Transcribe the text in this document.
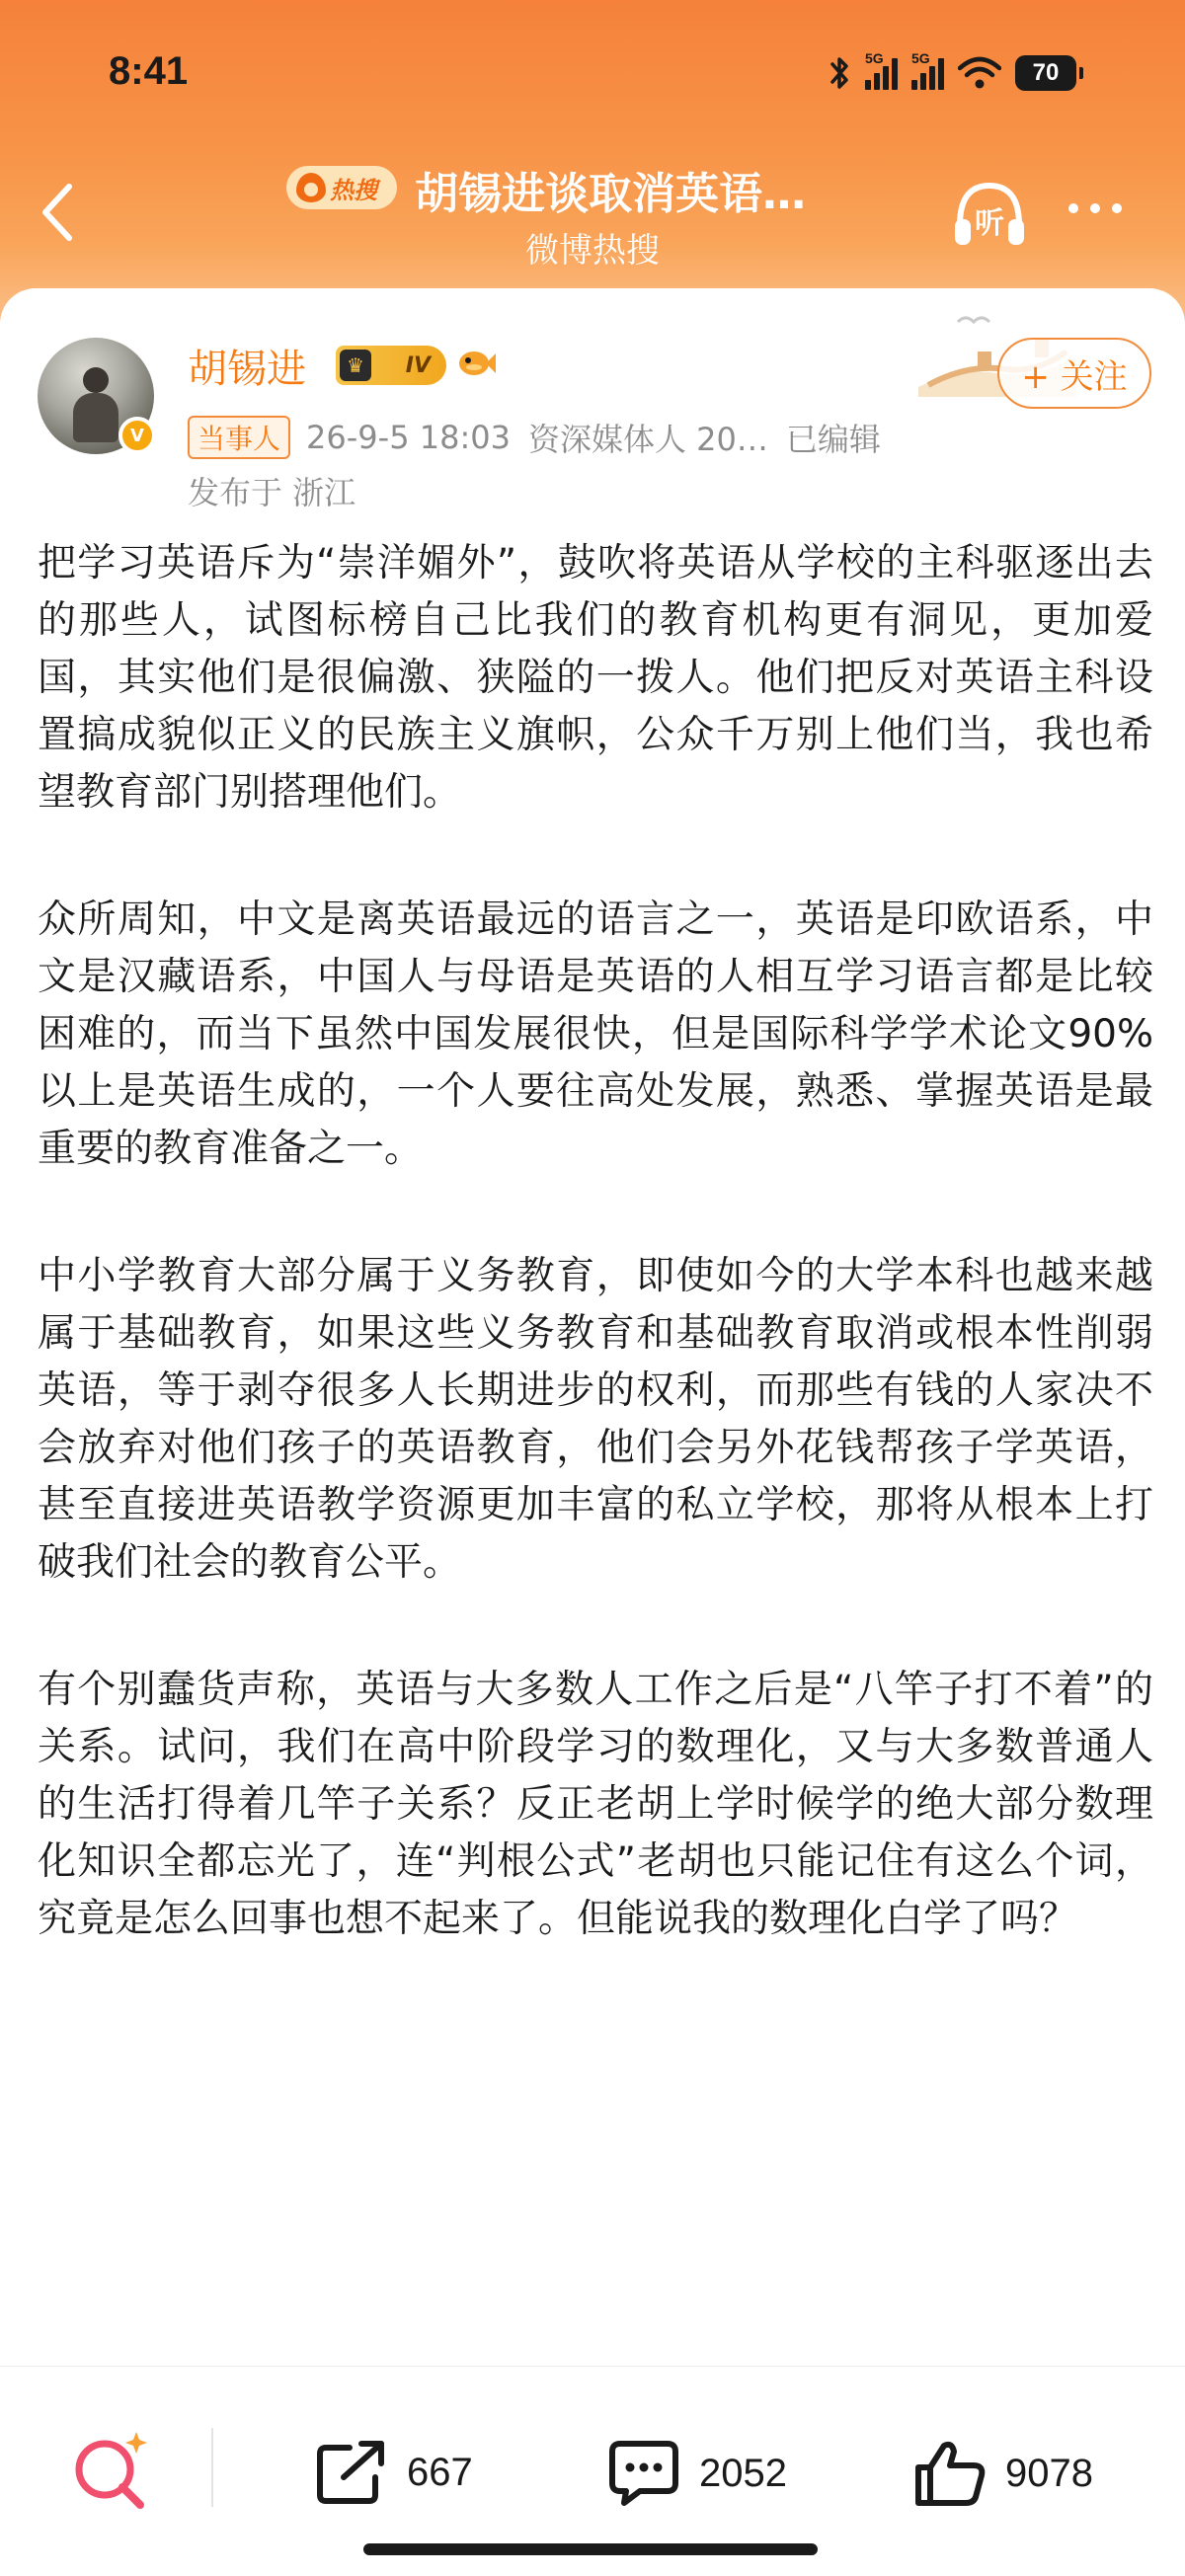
8:41	5G 5G
70
热搜 胡锡进谈取消英语…
微博热搜
听
V
胡锡进	♛	IV	+ 关注
当事人 26-9-5 18:03 资深媒体人 20… 已编辑
发布于 浙江

把学习英语斥为“崇洋媚外”，鼓吹将英语从学校的主科驱逐出去的那些人，试图标榜自己比我们的教育机构更有洞见，更加爱国，其实他们是很偏激、狭隘的一拨人。他们把反对英语主科设置搞成貌似正义的民族主义旗帜，公众千万别上他们当，我也希望教育部门别搭理他们。

众所周知，中文是离英语最远的语言之一，英语是印欧语系，中文是汉藏语系，中国人与母语是英语的人相互学习语言都是比较困难的，而当下虽然中国发展很快，但是国际科学学术论文90%以上是英语生成的，一个人要往高处发展，熟悉、掌握英语是最重要的教育准备之一。

中小学教育大部分属于义务教育，即使如今的大学本科也越来越属于基础教育，如果这些义务教育和基础教育取消或根本性削弱英语，等于剥夺很多人长期进步的权利，而那些有钱的人家决不会放弃对他们孩子的英语教育，他们会另外花钱帮孩子学英语，甚至直接进英语教学资源更加丰富的私立学校，那将从根本上打破我们社会的教育公平。

有个别蠢货声称，英语与大多数人工作之后是“八竿子打不着”的关系。试问，我们在高中阶段学习的数理化，又与大多数普通人的生活打得着几竿子关系？反正老胡上学时候学的绝大部分数理化知识全都忘光了，连“判根公式”老胡也只能记住有这么个词，究竟是怎么回事也想不起来了。但能说我的数理化白学了吗？

667	2052	9078
